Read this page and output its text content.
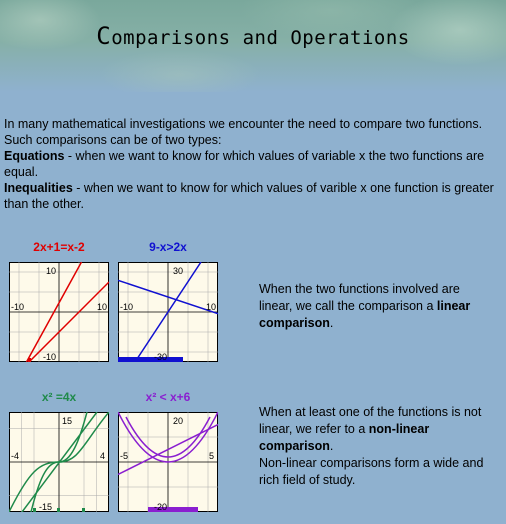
Comparisons and Operations

In many mathematical investigations we encounter the need to compare two functions.

Such comparisons can be of two types:

Equations - when we want to know for which values of variable x the two functions are equal.

Inequalities - when we want to know for which values of varible x one function is greater than the other.

2x+1=x-2
10
-10
-10	10
9-x>2x
30
-30
-10	10

When the two functions involved are linear, we call the comparison a linear comparison.

x² =4x
15
-15
-4	4
x² < x+6
20
-20
-5	5

When at least one of the functions is not linear, we refer to a non-linear comparison.

Non-linear comparisons form a wide and rich field of study.
